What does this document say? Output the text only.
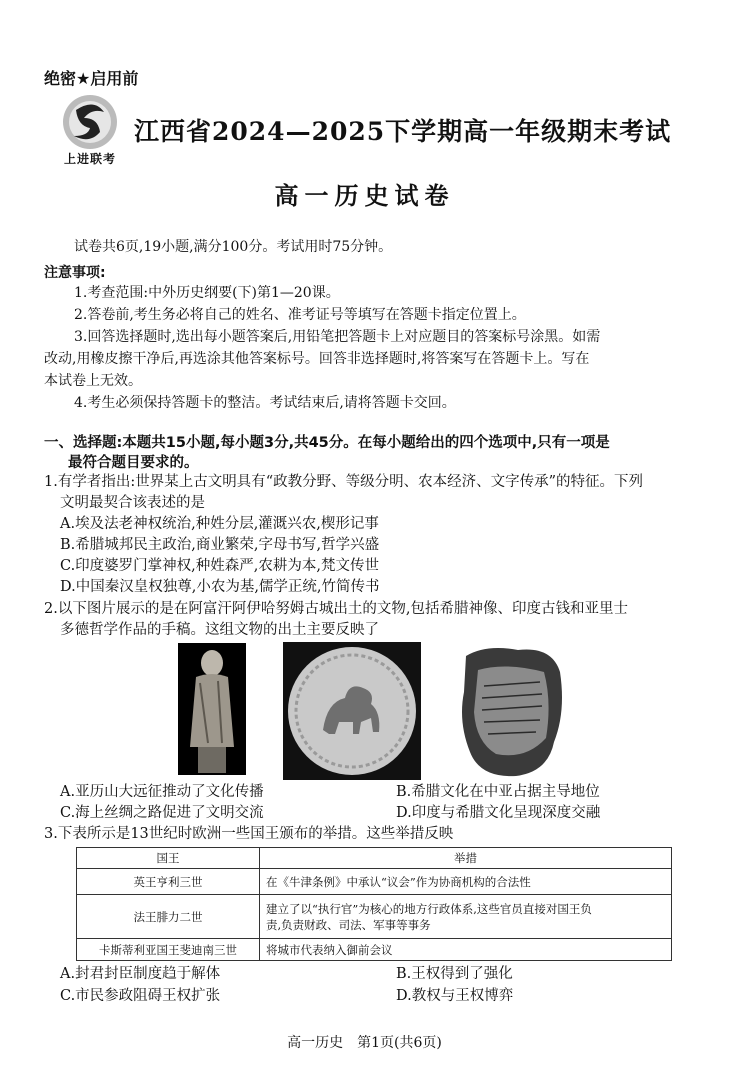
绝密★启用前
上进联考
江西省2024—2025下学期高一年级期末考试
高一历史试卷
试卷共6页,19小题,满分100分。考试用时75分钟。
注意事项:
1.考查范围:中外历史纲要(下)第1—20课。
2.答卷前,考生务必将自己的姓名、准考证号等填写在答题卡指定位置上。
3.回答选择题时,选出每小题答案后,用铅笔把答题卡上对应题目的答案标号涂黑。如需
改动,用橡皮擦干净后,再选涂其他答案标号。回答非选择题时,将答案写在答题卡上。写在
本试卷上无效。
4.考生必须保持答题卡的整洁。考试结束后,请将答题卡交回。
一、选择题:本题共15小题,每小题3分,共45分。在每小题给出的四个选项中,只有一项是
最符合题目要求的。
1.有学者指出:世界某上古文明具有“政教分野、等级分明、农本经济、文字传承”的特征。下列
文明最契合该表述的是
A.埃及法老神权统治,种姓分层,灌溉兴农,楔形记事
B.希腊城邦民主政治,商业繁荣,字母书写,哲学兴盛
C.印度婆罗门掌神权,种姓森严,农耕为本,梵文传世
D.中国秦汉皇权独尊,小农为基,儒学正统,竹简传书
2.以下图片展示的是在阿富汗阿伊哈努姆古城出土的文物,包括希腊神像、印度古钱和亚里士
多德哲学作品的手稿。这组文物的出土主要反映了
A.亚历山大远征推动了文化传播	B.希腊文化在中亚占据主导地位
C.海上丝绸之路促进了文明交流	D.印度与希腊文化呈现深度交融
3.下表所示是13世纪时欧洲一些国王颁布的举措。这些举措反映
国王	举措
英王亨利三世	在《牛津条例》中承认“议会”作为协商机构的合法性
法王腓力二世	建立了以“执行官”为核心的地方行政体系,这些官员直接对国王负
责,负责财政、司法、军事等事务

卡斯蒂利亚国王斐迪南三世	将城市代表纳入御前会议
A.封君封臣制度趋于解体	B.王权得到了强化
C.市民参政阻碍王权扩张	D.教权与王权博弈
高一历史　第1页(共6页)
